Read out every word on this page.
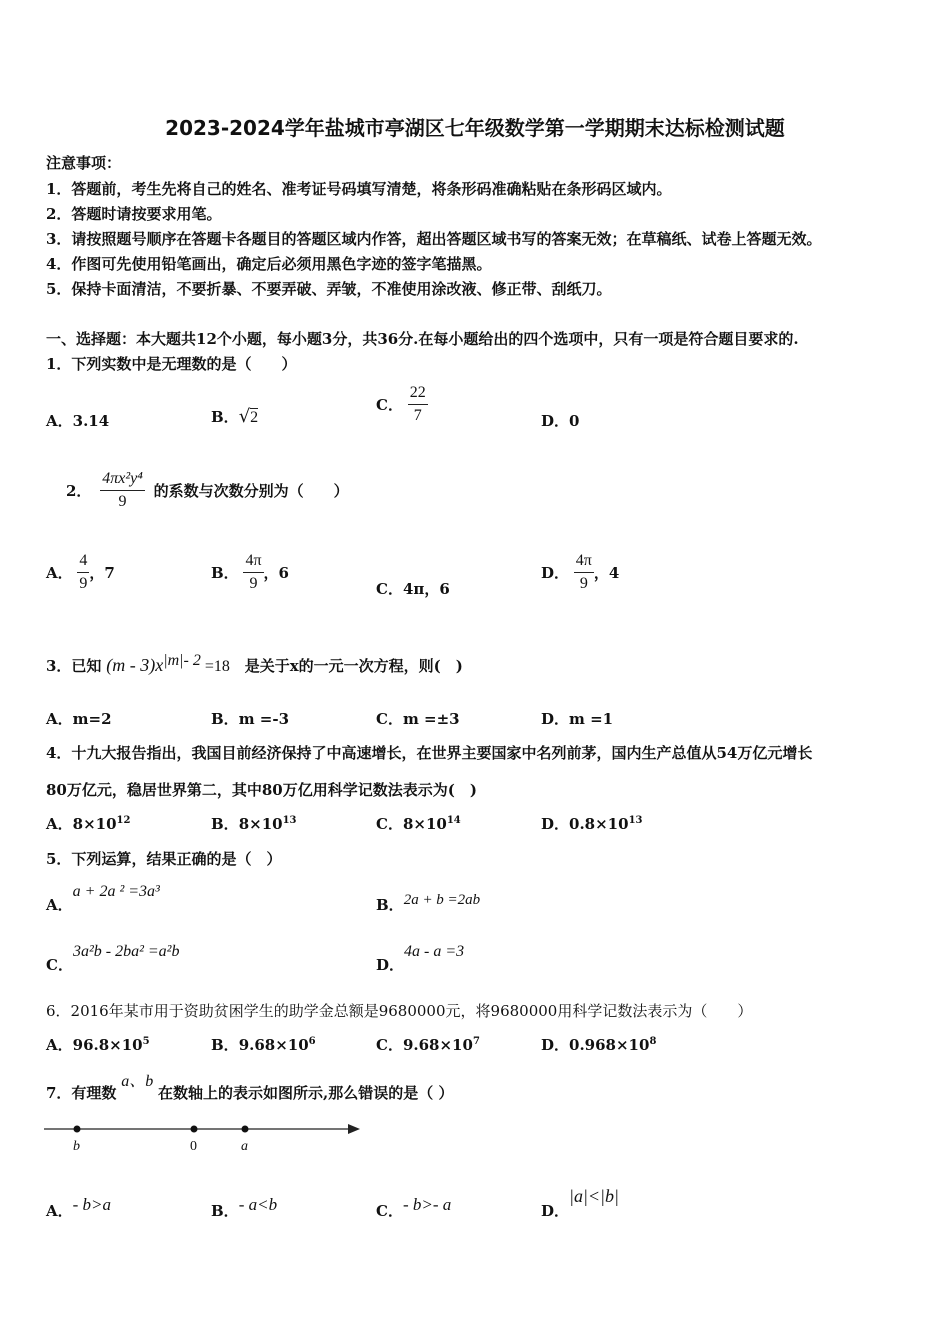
2023-2024学年盐城市亭湖区七年级数学第一学期期末达标检测试题
注意事项：
1．答题前，考生先将自己的姓名、准考证号码填写清楚，将条形码准确粘贴在条形码区域内。
2．答题时请按要求用笔。
3．请按照题号顺序在答题卡各题目的答题区域内作答，超出答题区域书写的答案无效；在草稿纸、试卷上答题无效。
4．作图可先使用铅笔画出，确定后必须用黑色字迹的签字笔描黑。
5．保持卡面清洁，不要折暴、不要弄破、弄皱，不准使用涂改液、修正带、刮纸刀。
一、选择题：本大题共12个小题，每小题3分，共36分.在每小题给出的四个选项中，只有一项是符合题目要求的.
1．下列实数中是无理数的是（　　）
A．3.14	B．√2
C． $\frac{22}{7}$	D．0
2． $\frac{\text{4πx²y⁴}}{9}$ 的系数与次数分别为（　　）
A． $\frac{4}{9}$ ，7	B． $\frac{4\pi}{9}$ ，6
C．4π，6
D． $\frac{4\pi}{9}$ ，4
3．已知 $(m - 3)x^{|m|- 2} =18$ 是关于x的一元一次方程，则(　)
A．m=2	B．m =-3	C．m =±3	D．m =1
4．十九大报告指出，我国目前经济保持了中高速增长，在世界主要国家中名列前茅，国内生产总值从54万亿元增长
80万亿元，稳居世界第二，其中80万亿用科学记数法表示为(　)
A．$8\times 10^{12}$	B．$8\times 10^{13}$	C．$8\times 10^{14}$	D．$0.8\times 10^{13}$
5．下列运算，结果正确的是（　）
A．a + 2a ² =3a³
B．2a + b =2ab
C．3a²b - 2ba² =a²b
D．4a - a =3
6．2016年某市用于资助贫困学生的助学金总额是9680000元，将9680000用科学记数法表示为（　　）
A．$96.8\times 10^5$	B．$9.68\times 10^6$	C．$9.68\times 10^7$	D．$0.968\times 10^8$
7．有理数 a、b 在数轴上的表示如图所示,那么错误的是（ ）
b	0	a
A．- b>a	B．- a<b	C．- b>- a	D．|a|<|b|
